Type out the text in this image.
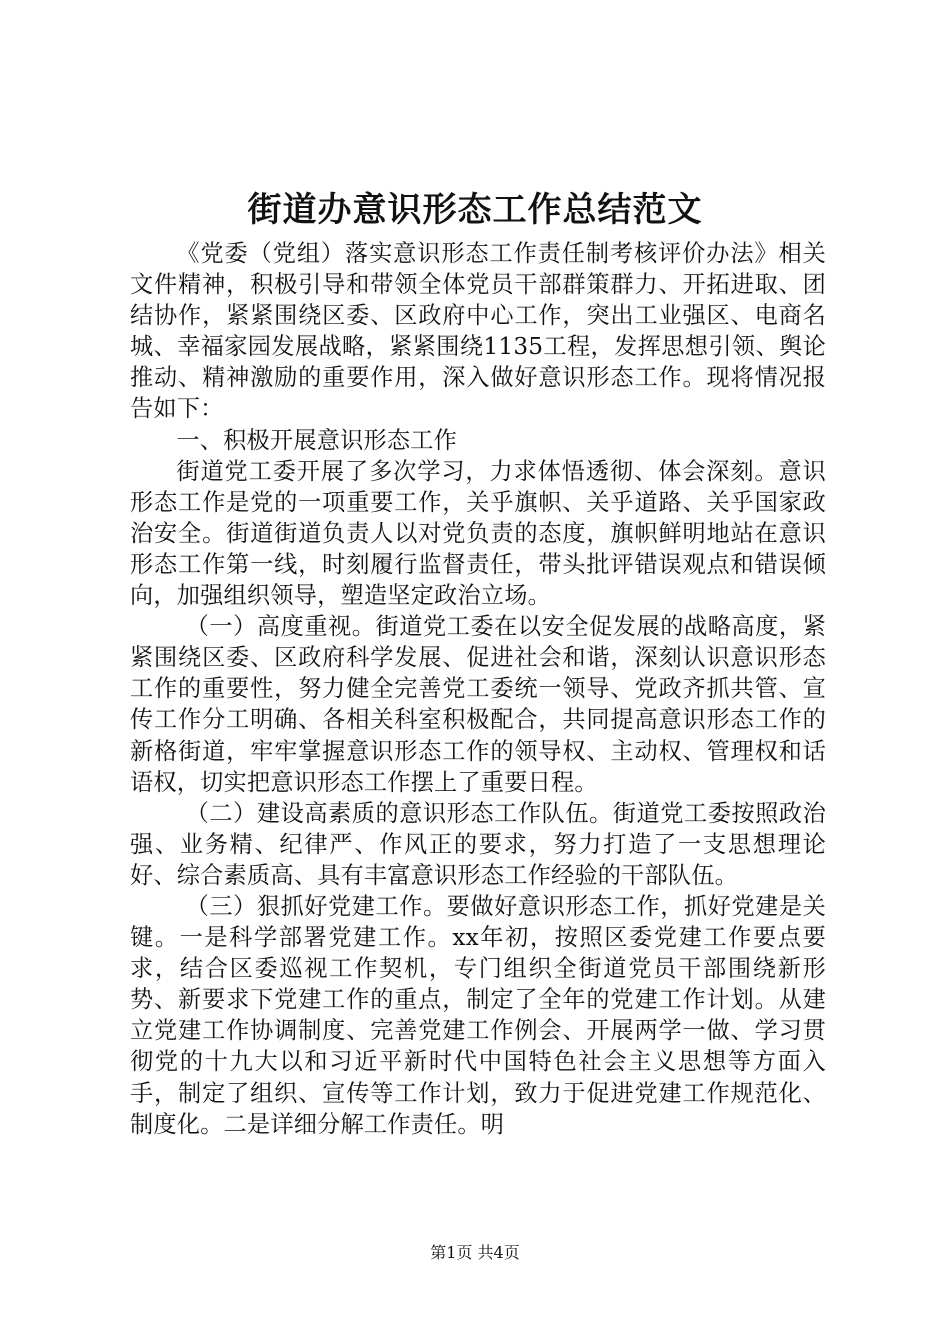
街道办意识形态工作总结范文

《党委（党组）落实意识形态工作责任制考核评价办法》相关文件精神，积极引导和带领全体党员干部群策群力、开拓进取、团结协作，紧紧围绕区委、区政府中心工作，突出工业强区、电商名城、幸福家园发展战略，紧紧围绕1135工程，发挥思想引领、舆论推动、精神激励的重要作用，深入做好意识形态工作。现将情况报告如下：

一、积极开展意识形态工作

街道党工委开展了多次学习，力求体悟透彻、体会深刻。意识形态工作是党的一项重要工作，关乎旗帜、关乎道路、关乎国家政治安全。街道街道负责人以对党负责的态度，旗帜鲜明地站在意识形态工作第一线，时刻履行监督责任，带头批评错误观点和错误倾向，加强组织领导，塑造坚定政治立场。

（一）高度重视。街道党工委在以安全促发展的战略高度，紧紧围绕区委、区政府科学发展、促进社会和谐，深刻认识意识形态工作的重要性，努力健全完善党工委统一领导、党政齐抓共管、宣传工作分工明确、各相关科室积极配合，共同提高意识形态工作的新格街道，牢牢掌握意识形态工作的领导权、主动权、管理权和话语权，切实把意识形态工作摆上了重要日程。

（二）建设高素质的意识形态工作队伍。街道党工委按照政治强、业务精、纪律严、作风正的要求，努力打造了一支思想理论好、综合素质高、具有丰富意识形态工作经验的干部队伍。

（三）狠抓好党建工作。要做好意识形态工作，抓好党建是关键。一是科学部署党建工作。xx年初，按照区委党建工作要点要求，结合区委巡视工作契机，专门组织全街道党员干部围绕新形势、新要求下党建工作的重点，制定了全年的党建工作计划。从建立党建工作协调制度、完善党建工作例会、开展两学一做、学习贯彻党的十九大以和习近平新时代中国特色社会主义思想等方面入手，制定了组织、宣传等工作计划，致力于促进党建工作规范化、制度化。二是详细分解工作责任。明

第1页 共4页
